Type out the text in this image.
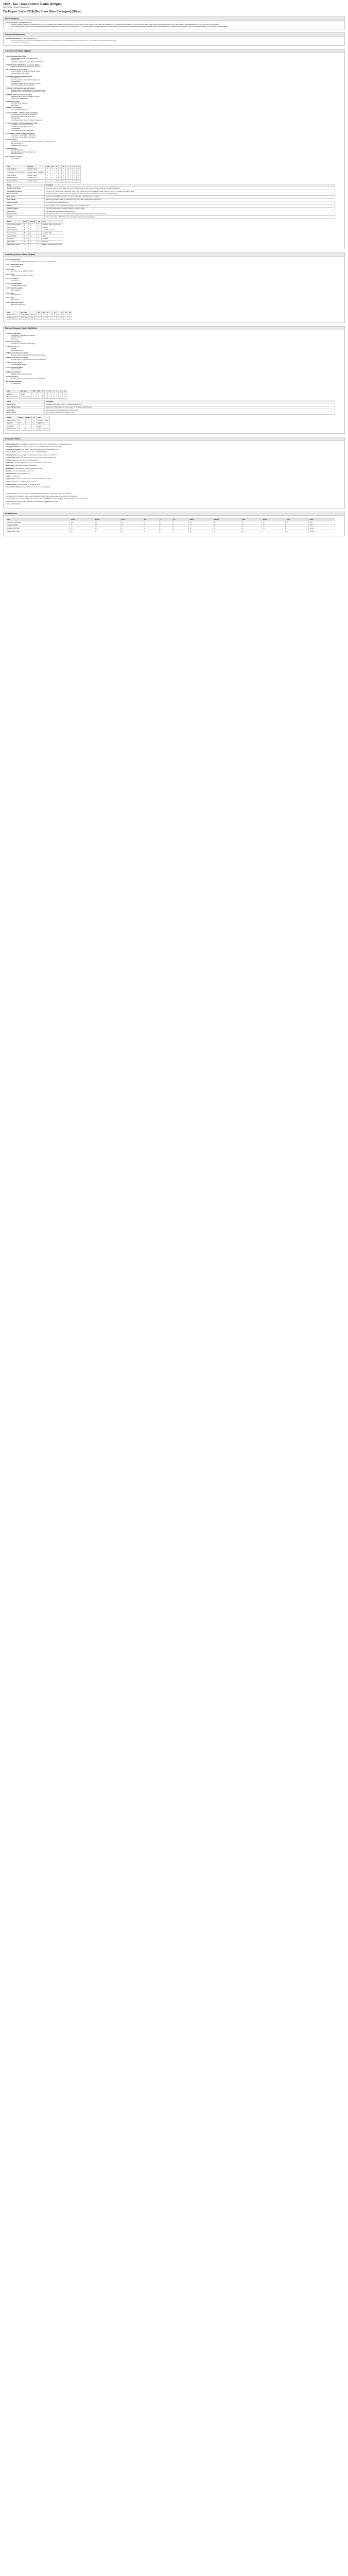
1862 - Tau : Area Control Cadre (100pts)
TAU EXCAV - Suggest Rebalanced
Tau Empire: Cadre (2019) [Tau Green Blade Contingent] (100pts)
(No Category)
Area Control Cadre - Fastlight Exclusions
Although Tau Empire regiments (Schwarzschild C-O) are not the largest army of their at 500P's at the size they were, size the Sector-Guard do not-frame long a deployment. You pull sound and the correct army to commit as per these types. It frees for the Imperial infantry to hold, and move to a safe distance away from the forces and units around them.
Rules: Core Area Control Cadre forces hold the objective and secure areas. When a Battle Suit is not deployed within 6" of a friendly Ethereal unit the detachment continues. Units may score objectives through the standard ranging distance of the Dismissal Clause, and the spread of ranged forces at a time is a collaborative planning of the Tau infantry strike missions.
Primary Detachment
WILLING BODYGUARD - ( 5 Pining Detachment )
At the start of each turn, you pick one friendly Ethereal for every extra Tau-like infantry member. Each friendly Ethereal unit gets a 4+ invul until the end of the phase that you are in.
Selection table: Unit list (10pts)
Core (Green Blade x11pts)
CIVS - Scholastica Cadre (44pts)
Deploying Battle Suit with: Fire Stealth Drone
Crisis Battlesuit
Crisis Shas'vre (25pts): 3x Fusion Blaster, Shield Drone
HV MARKLING'S COMMANDER - Commander (45pts)
Independent Character: Supporting Fire: Ace Guns
XV8 Commander Crisis Suit (40pts)
Cyclic Ion Blaster x1, Advanced Targeting System
Shield Generator, Multi Tracker
XV25 ARMS - XV8 Crisis Battlesuit (25pts)
Crisis Battlesuit
Crisis Shas'ui (25pts): 2x Missile Pod, Target Lock
Crisis Battlesuit
Crisis Shas'ui (25pts): Plasma Rifle, Burst Cannon
Crisis Shas'ui (25pts): 2x Fusion Blaster
XV25 EKS - XV88 Broadside Battlesuit (60pts)
Broadside Shas'vre: Heavy Rail Rifle, Smart Missile System
Broadside Shas'ui: Heavy Rail Rifle, Smart Missile System
XV25 EKS - XV95 Ghost Battlesuit (42pts)
Ghostkeel Shas'vre: Cyclic Ion Raker, 2x Flamer
Stealth Drone, Stealth Drone
Stealth Shas'ui (15pts)
Burst Cannon x4, Markerlight
Multi-Tracker
XV88 Shas'ui Suit (37pts)
Heavy Rail Rifle, Target Lock
XV SHAS'COUNCIL - XV8 Crisis Battlesuits (75pts)
Crisis Shas'vre: Fusion Blaster, Missile Pod
Crisis Shas'ui: Plasma Rifle, Shield Drone
Crisis Battlesuit
Crisis Shas'ui (25pts): Cyclic Ion Blaster, Target Lock
XV SHAS'COUNCIL - XV8 Crisis Battlesuits (75pts)
Crisis Shas'vre: Burst Cannon, Flamer
Crisis Shas'ui: Missile Pod, Gun Drone
Crisis Battlesuit
Crisis Shas'ui (25pts): 2x Plasma Rifle
XV-CB OTHER - XV8 Crisis Battlesuits (60pts)
Crisis Shas'ui: Fusion Blaster, Missile Pod
Crisis Shas'ui: Fusion Blaster, Missile Pod
Broadside (81pts)
Broadside Shas'ui: Heavy Rail Rifle, Two Seeker Missiles, Velocity Tracker
Broadside Battlesuit
Broadside Shas'vre (27pts)
Broadside (42pts)
Broadside Battlesuit
Broadside Shas'ui: High Yield Missile Pods
Broadside Battlesuit
MV4 Shield Drone (12pts)
2x Shield Drone
Unit	Unit Type	WS	BS	S	T	W	I	A	Ld	Sv
Crisis Battlesuit	Jet Pack Infantry	2	3	5	4	2	2	2	8	3+
Commander (XV8 Crisis Suit)	Jet Pack Infantry (Character)	4	5	5	4	4	3	4	10	3+
Crisis Shas'vre	Jet Pack Infantry	3	4	5	4	3	2	3	9	3+
MV4 Shield Drone	Jet Pack Infantry	2	2	3	4	1	4	1	7	4+
Broadside Shas'ui	Jet Pack Infantry	2	3	5	5	3	2	2	8	2+
Name	Description
Bonding Knife Ritual	Apply these rules to Infantry, Battle Suits and Monstrous Creatures: this unit can regroup normally even if reduced below 25%.
Coordinated Firepower	For the first turn with an ability that permits, this unit may shoot as one unit combined with friendly Crisis units within 6" and double the targeting range.
Drone Controller	A model with a drone controller may use its own BS for its Drone weapons; the drones do not need to be separate targets.
Multi-Tracker	A model with a Multi-Tracker can fire one more weapon than would otherwise be permitted.
Nova Charge	Select any one Nova mode at the beginning of your turn; it lasts until the start of your next turn.
Shield Generator	The model has a 4+ invulnerable save.
Stealth	The unit gains +1 to its cover saves. If already in cover, this improves to +2.
Support Systems	The XV8 may exchange one weapon system for a support system.
Target Lock	The model may fire at a different target to its unit.
Velocity Tracker	The model may choose to fire Snap Shots at full BS against flyers and swooping monstrous creatures.
Jet Pack	The unit may make a 2D6" thrust move in the Assault phase instead of assaulting.
Name	Range	Strength	AP	Type
Airburst Fragmentation	18"	4	6	Assault 1, Blast, Ignores Cover
Burst Cannon	18"	5	5	Assault 4
Cyclic Ion Blaster	18"	7	4	Assault 3, Gets Hot
Fusion Blaster	18"	8	1	Assault 1, Melta
Heavy Rail Rifle	60"	10	1	Heavy 1
Missile Pod	36"	7	4	Assault 2
Plasma Rifle	24"	6	2	Rapid Fire
Smart Missile System	30"	5	5	Heavy 4, Homing, Ignores Cover
Auxiliary (Green Blade x10pts)
Drone Net VX1-0 (65pts)
Selection: Fragment Drone, Markerlight Drone, Gun Drone x2, Shield Drone
4x MV1 Marker Drone (8pts)
Drone Controller
Drones (5pts)
Gun Drone: Twin-linked Pulse Carbine
Drones (5pts)
Gun Drone: Twin-linked Pulse Carbine
Drone Guard (45pts)
Shield Drone x4
4x MV1 Gun Drone (8pts)
Twin-linked Pulse Carbine
4x MV4 Shield Drone (8pts)
Shield Generator
Drones (5pts)
Markerlight Drone
Drones (5pts)
Sniper Drone
4x MV7 Marker Drone (8pts)
Markerlight, Target Lock
Unit	Unit Type	WS	BS	S	T	W	I	A	Ld	Sv
MV1 Gun Drone	Jet Pack Infantry (Drone)	2	2	3	4	1	4	1	7	4+
MV4 Shield Drone	Jet Pack Infantry (Drone)	2	2	3	4	1	4	1	7	4+
Ranged Support Cadre (4x55pts)
Pathfinder Team (60pts)
5x Pathfinder: Pulse Carbine, Markerlight
Pathfinder Shas'ui
Recon Drone
Pathfinder Team (60pts)
5x Pathfinder: Pulse Carbine, Markerlight
4x Pathfinder (Drone)
Rail Rifle
Grav-Inhibitor Drone
XV88 Broadside Battlesuits (60pts)
Broadside Shas'ui: Heavy Rail Rifle, Smart Missile System
XV88 Broadside Battlesuits (60pts)
Broadside Shas'vre: High Yield Missile Pods, Seeker Missile
4x MV1 Gun Drone (8pts)
Twin-linked Pulse Carbine
4x MV4 Shield Drone (8pts)
Shield Generator
XV88 Broadside (50pts)
Broadside Shas'ui: Heavy Rail Rifle
Broadside Battlesuit
Broadside Shas'ui: Smart Missile System, Velocity Tracker
MV4 Shield Drone (12pts)
2x Shield Drone
Unit	Unit Type	WS	BS	S	T	W	I	A	Ld	Sv
Pathfinder	Infantry	2	3	3	3	1	2	1	7	5+
Broadside Shas'ui	Jet Pack Infantry	2	3	5	5	3	2	2	8	2+
Name	Description
Recon Drone	Pathfinders with a Recon Drone re-roll failed Markerlight hits.
Grav-Inhibitor Drone	Enemy units charging the drone's unit subtract D3" from their charge distance.
Markerlight	Each hit places a Markerlight counter on the target unit.
Seeker Missile	One-shot missile fired using Markerlight counters.
Name	Range	Strength	AP	Type
Pulse Carbine	18"	5	5	Assault 2, Pinning
Rail Rifle	30"	6	1	Rapid Fire
Markerlight	36"	-	-	Heavy 1
Seeker Missile	72"	8	3	Heavy 1, One Use
Selection Rules
Battlesuit Specialist: In Troops/Elites you add Crisis Suit units to your force; each Crisis unit counts as scoring.
Bonding Knife Ritual: This unit can regroup even if reduced below 25% of its starting strength.
Coordinated Firepower: Units within 6" may target the same enemy unit and add +1 to hit.
Drone Controller: All drones in the unit use the model's Ballistic Skill.
Ethereal Guidance: Once per game the Ethereal can call upon one of the invocations.
For the Greater Good: Units may fire overwatch in support of adjacent friendly units.
Jet Pack: Models can move 2D6" in the assault phase.
Markerlight: Each Markerlight hit may be used to improve BS or reduce cover.
Multi-Tracker: The model can fire one more weapon.
Nova Reactor: The model may use one Nova ability per turn.
Relentless: Can fire heavy weapons and move.
Shield Generator: 4+ invulnerable save.
Stealth: +1 cover save.
Supporting Fire: Can fire overwatch when a friendly unit within 6" is charged.
Target Lock: Can fire at a different target to its unit.
Velocity Tracker: Fire snap shots at full BS against flyers.
Vectored Retro-Thrusters: The model may move 12" in the Assault phase.
Any Battlesuit-type unit can choose their warlord traits from the Tau codex; if they have no trait, roll on the table.
The list was built for combat, its basic to note (compatible) of which scoring pairing would not be obtained by a Tau player.
Alternatively for sources of Green Blade cadre selection, choose a 5 Pathfinders strike. Tau Rules / Drone Strike Rules are available below.
Drones and units count as a 'drone Fire team' for the purpose of calculating Line of Sight.
Created with BattleScribe
Illustrations
Unit	Points	Models	Shots	BS	S	AP	Range	Wounds	Save	Invuln	Cover	Notes
Tau Empire: Cadre (2019)	100	34	62	3	5	4	24"	54	3+	4+	5+	Total
Core (Green Blade)	61	18	38	3	6	3	24"	33	3+	4+	-	Crisis
Auxiliary (Green Blade)	21	10	14	2	5	5	18"	10	4+	4+	-	Drones
Ranged Support Cadre	18	6	10	3	6	1	30"	11	5+	-	5+	Support
